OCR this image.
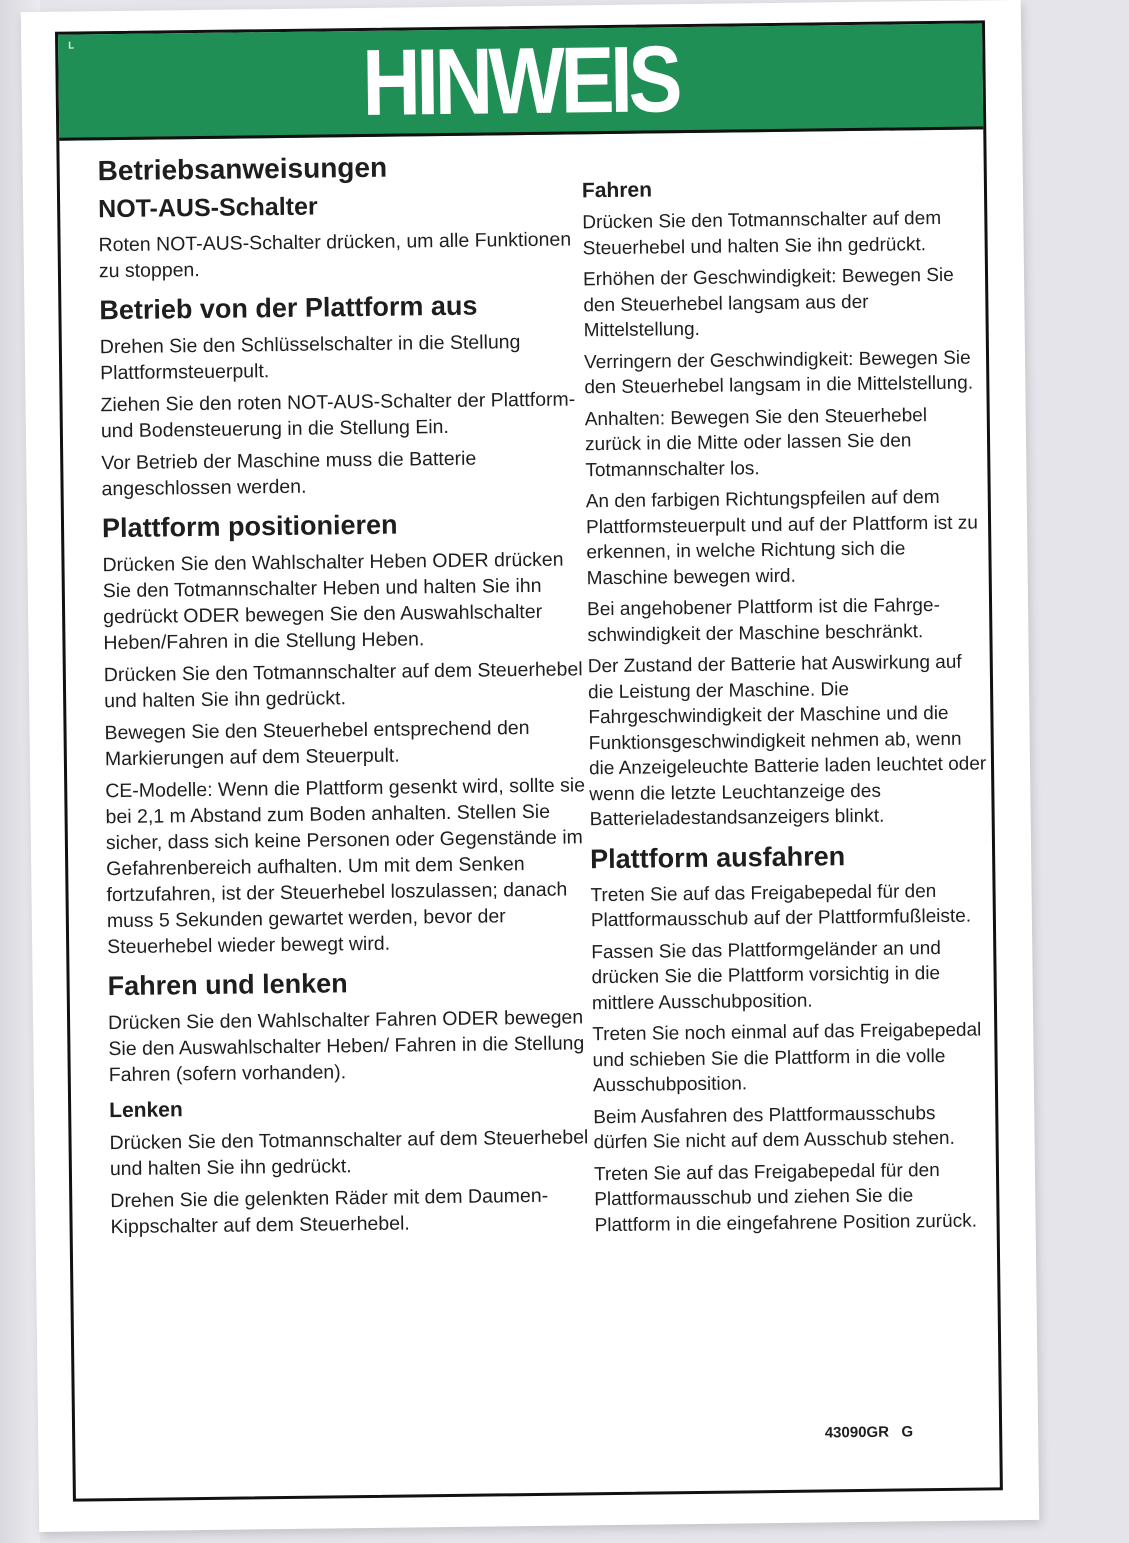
L	HINWEIS
Betriebsanweisungen
NOT-AUS-Schalter

Roten NOT-AUS-Schalter drücken, um alle Funktionen zu stoppen.

Betrieb von der Plattform aus

Drehen Sie den Schlüsselschalter in die Stellung Plattformsteuerpult.

Ziehen Sie den roten NOT-AUS-Schalter der Plattform- und Bodensteuerung in die Stellung Ein.

Vor Betrieb der Maschine muss die Batterie angeschlossen werden.

Plattform positionieren

Drücken Sie den Wahlschalter Heben ODER drücken Sie den Totmannschalter Heben und halten Sie ihn gedrückt ODER bewegen Sie den Auswahlschalter Heben/Fahren in die Stellung Heben.

Drücken Sie den Totmannschalter auf dem Steuerhebel und halten Sie ihn gedrückt.

Bewegen Sie den Steuerhebel entsprechend den Markierungen auf dem Steuerpult.

CE-Modelle: Wenn die Plattform gesenkt wird, sollte sie bei 2,1 m Abstand zum Boden anhalten. Stellen Sie sicher, dass sich keine Personen oder Gegenstände im Gefahrenbereich aufhalten. Um mit dem Senken fortzufahren, ist der Steuerhebel loszulassen; danach muss 5 Sekunden gewartet werden, bevor der Steuerhebel wieder bewegt wird.

Fahren und lenken

Drücken Sie den Wahlschalter Fahren ODER bewegen Sie den Auswahlschalter Heben/ Fahren in die Stellung Fahren (sofern vorhanden).

Lenken

Drücken Sie den Totmannschalter auf dem Steuerhebel und halten Sie ihn gedrückt.

Drehen Sie die gelenkten Räder mit dem Daumen-Kippschalter auf dem Steuerhebel.

Fahren

Drücken Sie den Totmannschalter auf dem Steuerhebel und halten Sie ihn gedrückt.

Erhöhen der Geschwindigkeit: Bewegen Sie den Steuerhebel langsam aus der Mittelstellung.

Verringern der Geschwindigkeit: Bewegen Sie den Steuerhebel langsam in die Mittelstellung.

Anhalten: Bewegen Sie den Steuerhebel zurück in die Mitte oder lassen Sie den Totmannschalter los.

An den farbigen Richtungspfeilen auf dem Plattformsteuerpult und auf der Plattform ist zu erkennen, in welche Richtung sich die Maschine bewegen wird.

Bei angehobener Plattform ist die Fahrge- schwindigkeit der Maschine beschränkt.

Der Zustand der Batterie hat Auswirkung auf die Leistung der Maschine. Die Fahrgeschwindigkeit der Maschine und die Funktionsgeschwindigkeit nehmen ab, wenn die Anzeigeleuchte Batterie laden leuchtet oder wenn die letzte Leuchtanzeige des Batterieladestandsanzeigers blinkt.

Plattform ausfahren

Treten Sie auf das Freigabepedal für den Plattformausschub auf der Plattformfußleiste.

Fassen Sie das Plattformgeländer an und drücken Sie die Plattform vorsichtig in die mittlere Ausschubposition.

Treten Sie noch einmal auf das Freigabepedal und schieben Sie die Plattform in die volle Ausschubposition.

Beim Ausfahren des Plattformausschubs dürfen Sie nicht auf dem Ausschub stehen.

Treten Sie auf das Freigabepedal für den Plattformausschub und ziehen Sie die Plattform in die eingefahrene Position zurück.

43090GR   G
